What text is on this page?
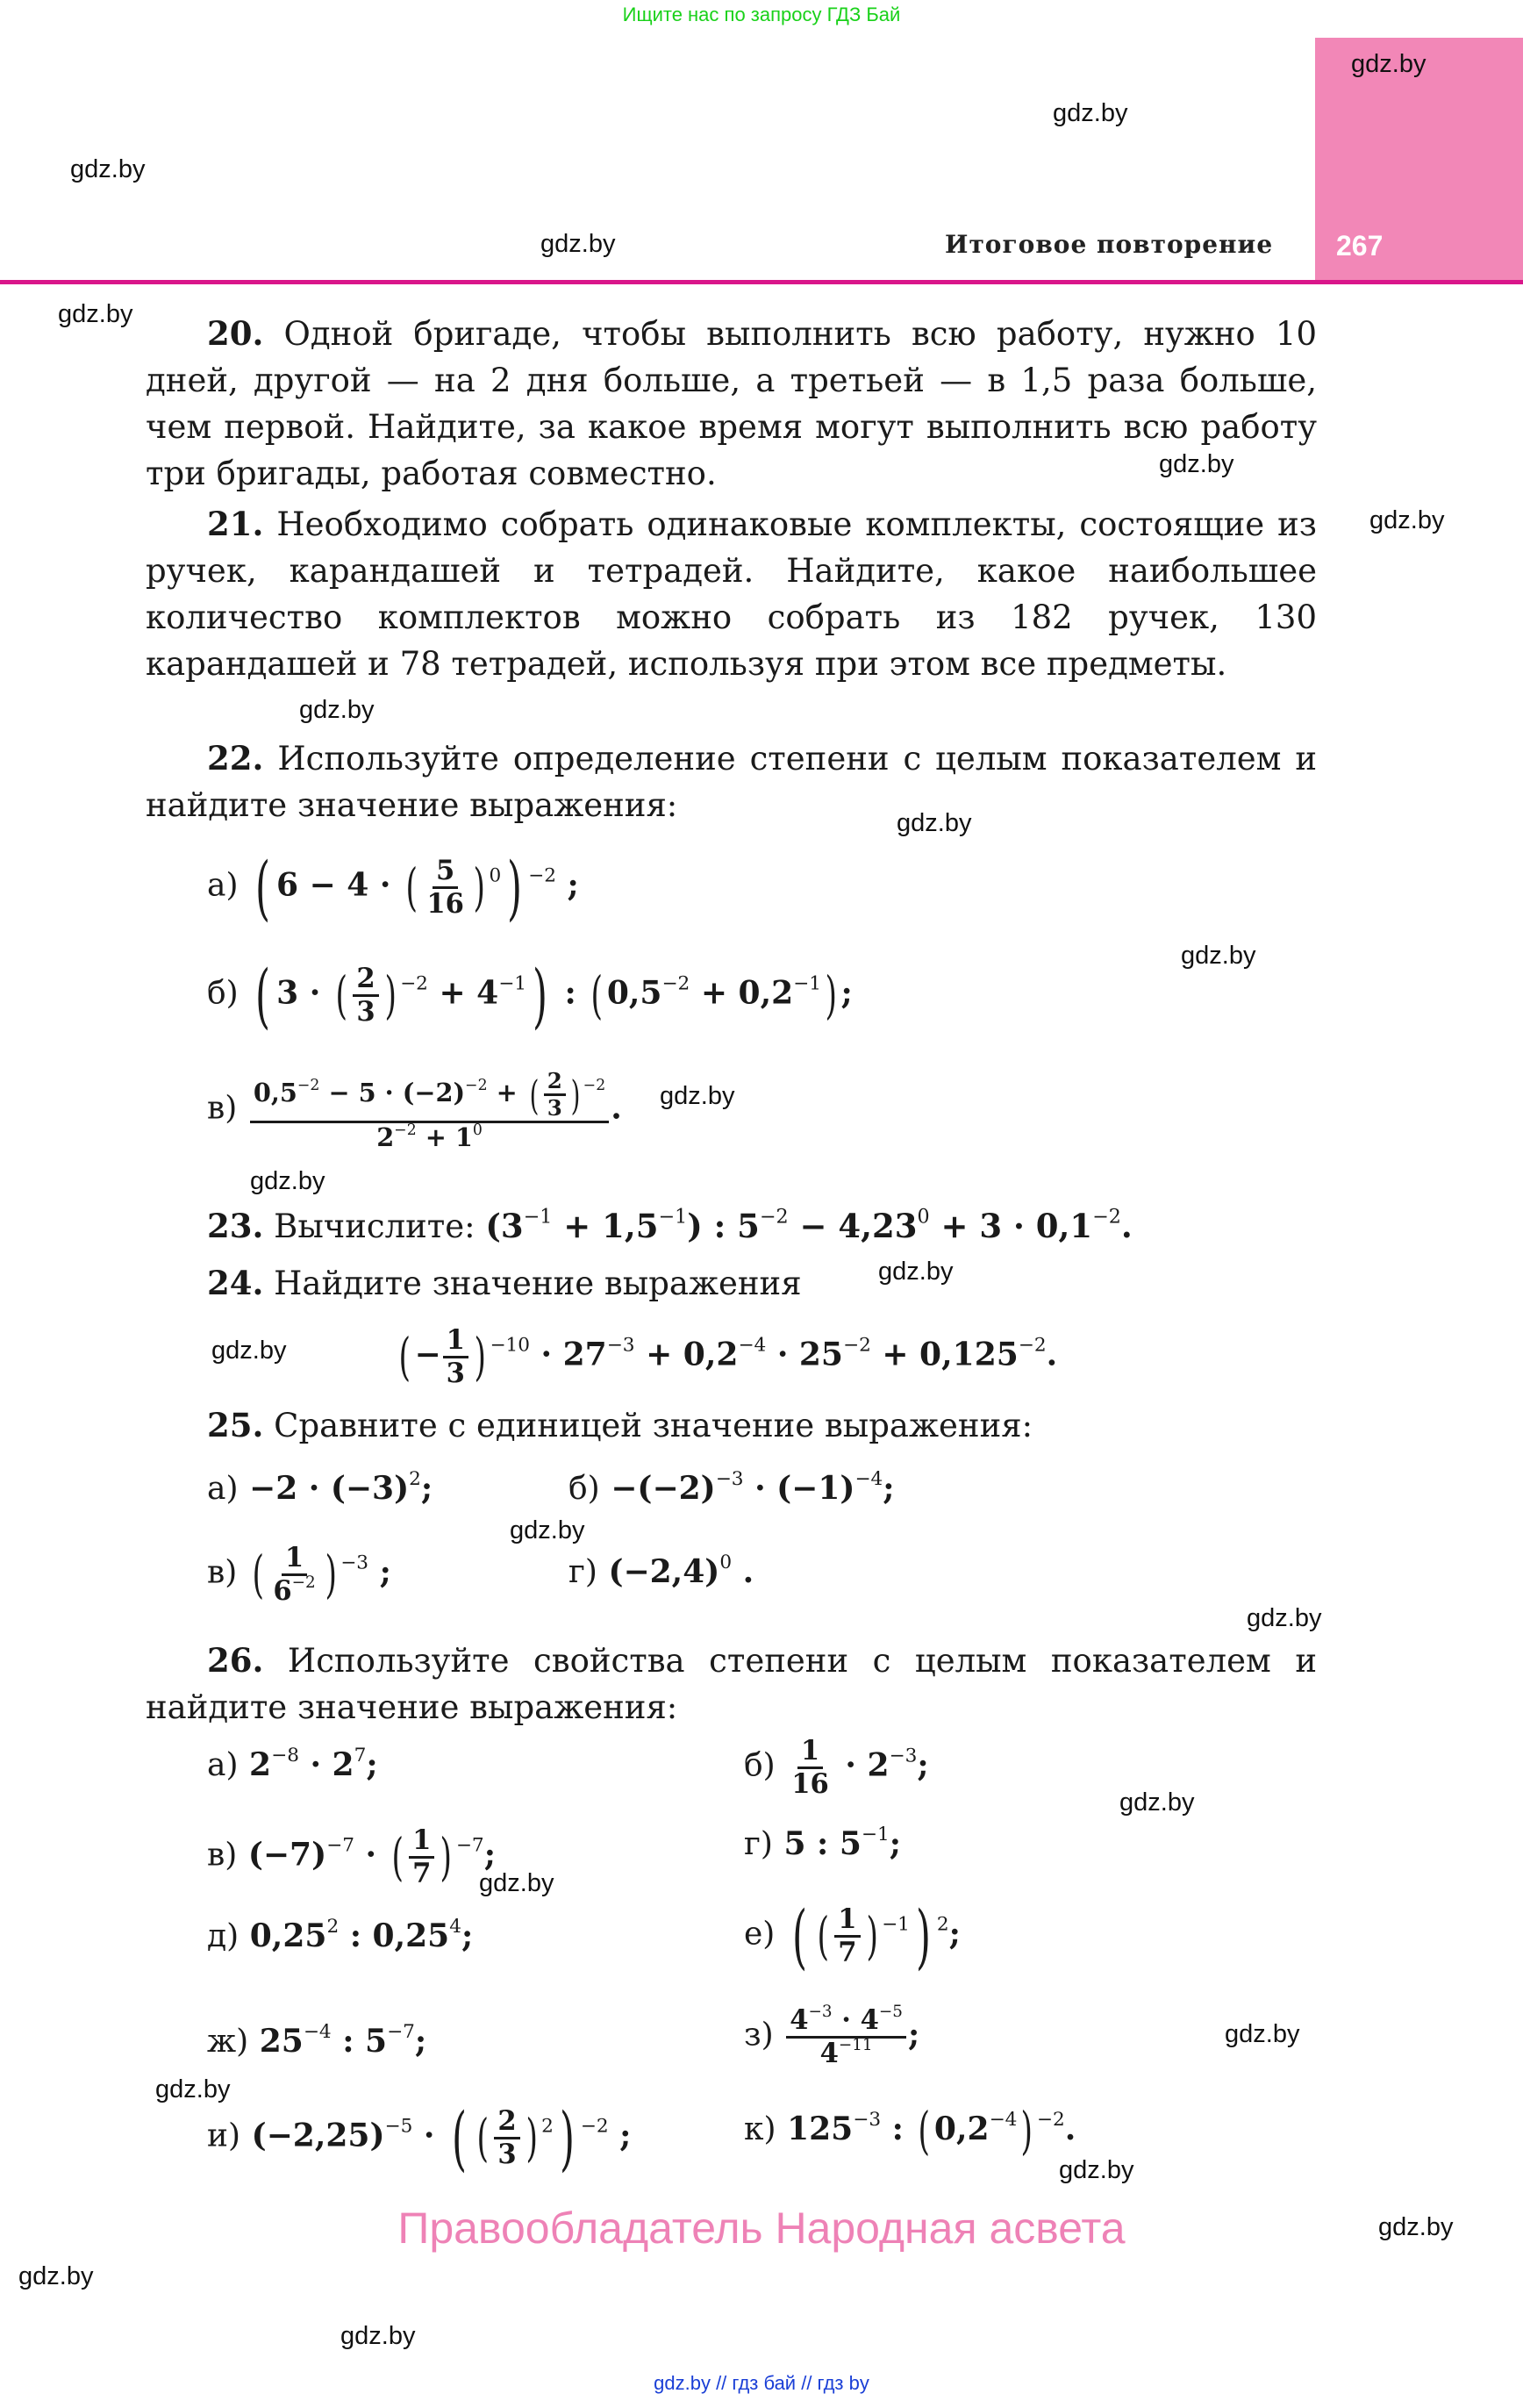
Ищите нас по запросу ГДЗ Бай
267
Итоговое повторение
gdz.by
gdz.by
gdz.by
gdz.by
gdz.by
gdz.by
gdz.by
gdz.by
gdz.by
gdz.by
gdz.by
gdz.by
gdz.by
gdz.by
gdz.by
gdz.by
gdz.by
gdz.by
gdz.by
gdz.by
gdz.by
gdz.by
gdz.by
gdz.by
20. Одной бригаде, чтобы выполнить всю работу, нужно 10 дней, другой — на 2 дня больше, а третьей — в 1,5 раза больше, чем первой. Найдите, за какое время могут выполнить всю работу три бригады, работая совместно.
21. Необходимо собрать одинаковые комплекты, состоящие из ручек, карандашей и тетрадей. Найдите, какое наибольшее количество комплектов можно собрать из 182 ручек, 130 карандашей и 78 тетрадей, используя при этом все предметы.
22. Используйте определение степени с целым показателем и найдите значение выражения:
а) ( 6 − 4 · ( $\frac{5}{16}$ ) $^0$) $^{-2}$ ;
б) ( 3 · ( $\frac{2}{3}$ ) $^{-2} + 4^{-1}$) : ( $0,5^{-2} + 0,2^{-1}$) ;
$в) \frac{0,5^{-2} - 5 \cdot (-2)^{-2} + ( \frac{2}{3} ) ^{-2}}{2^{-2} + 1^0}$ .
23. Вычислите: $(3^{-1} + 1,5^{-1})$ : $5^{-2} - 4,23^0 + 3 \cdot 0,1^{-2}$.
24. Найдите значение выражения
( − $\frac{1}{3}$ ) $^{-10} \cdot 27^{-3} + 0,2^{-4} \cdot 25^{-2} + 0,125^{-2}$.
25. Сравните с единицей значение выражения:
$а) -2 \cdot (-3)^2$;	$б) -(-2)^{-3} \cdot (-1)^{-4}$;
в) ( $\frac{1}{6^{-2}}$ ) $^{-3}$ ;	г) $(-2,4)^0$ .
26. Используйте свойства степени с целым показателем и найдите значение выражения:
а) $2^{-8} \cdot 2^7$;	$б) \frac{1}{16} \cdot 2^{-3}$;
в) $(-7)^{-7}$ · ( $\frac{1}{7}$ ) $^{-7}$;	г) 5 : $5^{-1}$;
д) 0,25$^2$ : 0,25$^4$;	е) ( ( $\frac{1}{7}$ ) $^{-1}$) $^2$;
ж) $25^{-4}$ : $5^{-7}$;	$з) \frac{4^{-3} \cdot 4^{-5}}{4^{-11}}$ ;
и) $(-2,25)^{-5}$ · ( ( $\frac{2}{3}$ ) $^2$) $^{-2}$ ;	к) $125^{-3}$ : ( $0,2^{-4}$) $^{-2}$.
Правообладатель Народная асвета
gdz.by // гдз бай // гдз by
